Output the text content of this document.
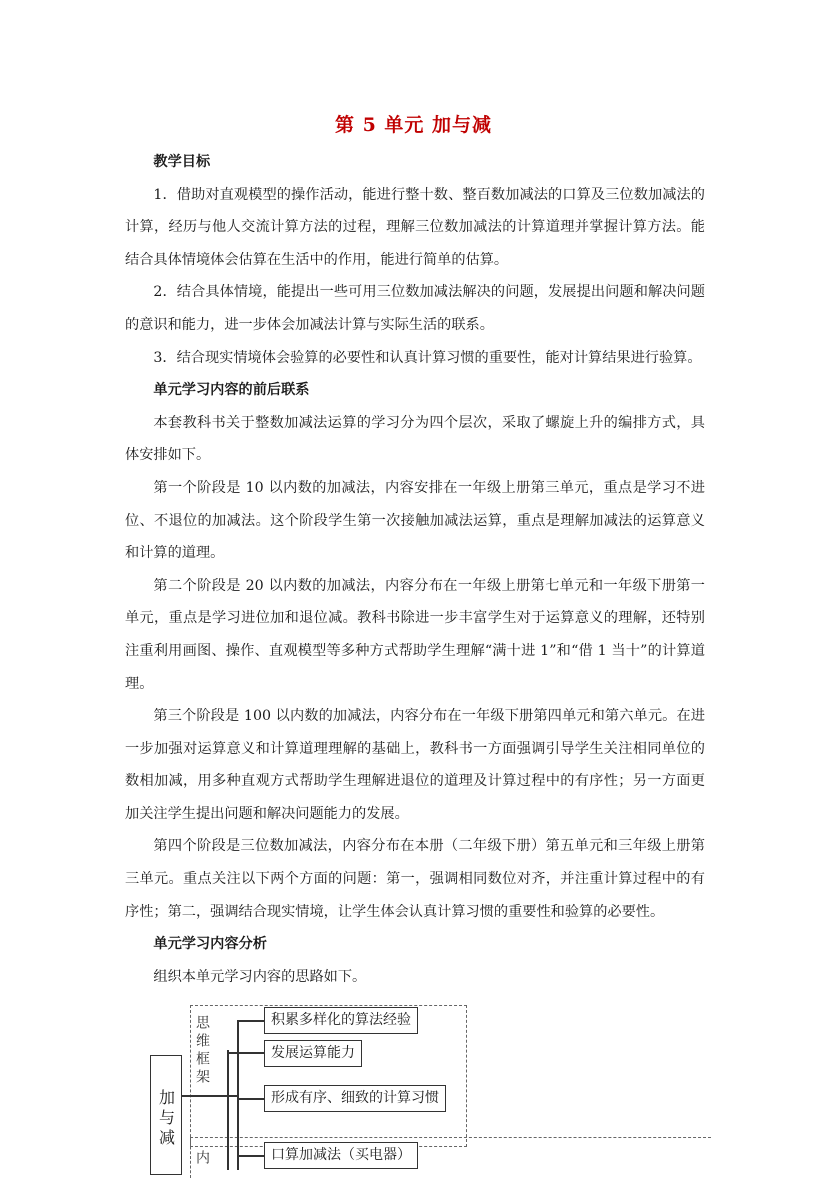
第 5 单元 加与减
教学目标

1．借助对直观模型的操作活动，能进行整十数、整百数加减法的口算及三位数加减法的计算，经历与他人交流计算方法的过程，理解三位数加减法的计算道理并掌握计算方法。能结合具体情境体会估算在生活中的作用，能进行简单的估算。

2．结合具体情境，能提出一些可用三位数加减法解决的问题，发展提出问题和解决问题的意识和能力，进一步体会加减法计算与实际生活的联系。

3．结合现实情境体会验算的必要性和认真计算习惯的重要性，能对计算结果进行验算。

单元学习内容的前后联系

本套教科书关于整数加减法运算的学习分为四个层次，采取了螺旋上升的编排方式，具体安排如下。

第一个阶段是 10 以内数的加减法，内容安排在一年级上册第三单元，重点是学习不进位、不退位的加减法。这个阶段学生第一次接触加减法运算，重点是理解加减法的运算意义和计算的道理。

第二个阶段是 20 以内数的加减法，内容分布在一年级上册第七单元和一年级下册第一单元，重点是学习进位加和退位减。教科书除进一步丰富学生对于运算意义的理解，还特别注重利用画图、操作、直观模型等多种方式帮助学生理解“满十进 1”和“借 1 当十”的计算道理。

第三个阶段是 100 以内数的加减法，内容分布在一年级下册第四单元和第六单元。在进一步加强对运算意义和计算道理理解的基础上，教科书一方面强调引导学生关注相同单位的数相加减，用多种直观方式帮助学生理解进退位的道理及计算过程中的有序性；另一方面更加关注学生提出问题和解决问题能力的发展。

第四个阶段是三位数加减法，内容分布在本册（二年级下册）第五单元和三年级上册第三单元。重点关注以下两个方面的问题：第一，强调相同数位对齐，并注重计算过程中的有序性；第二，强调结合现实情境，让学生体会认真计算习惯的重要性和验算的必要性。

单元学习内容分析

组织本单元学习内容的思路如下。

加与减
思维框架
内
积累多样化的算法经验
发展运算能力
形成有序、细致的计算习惯
口算加减法（买电器）
